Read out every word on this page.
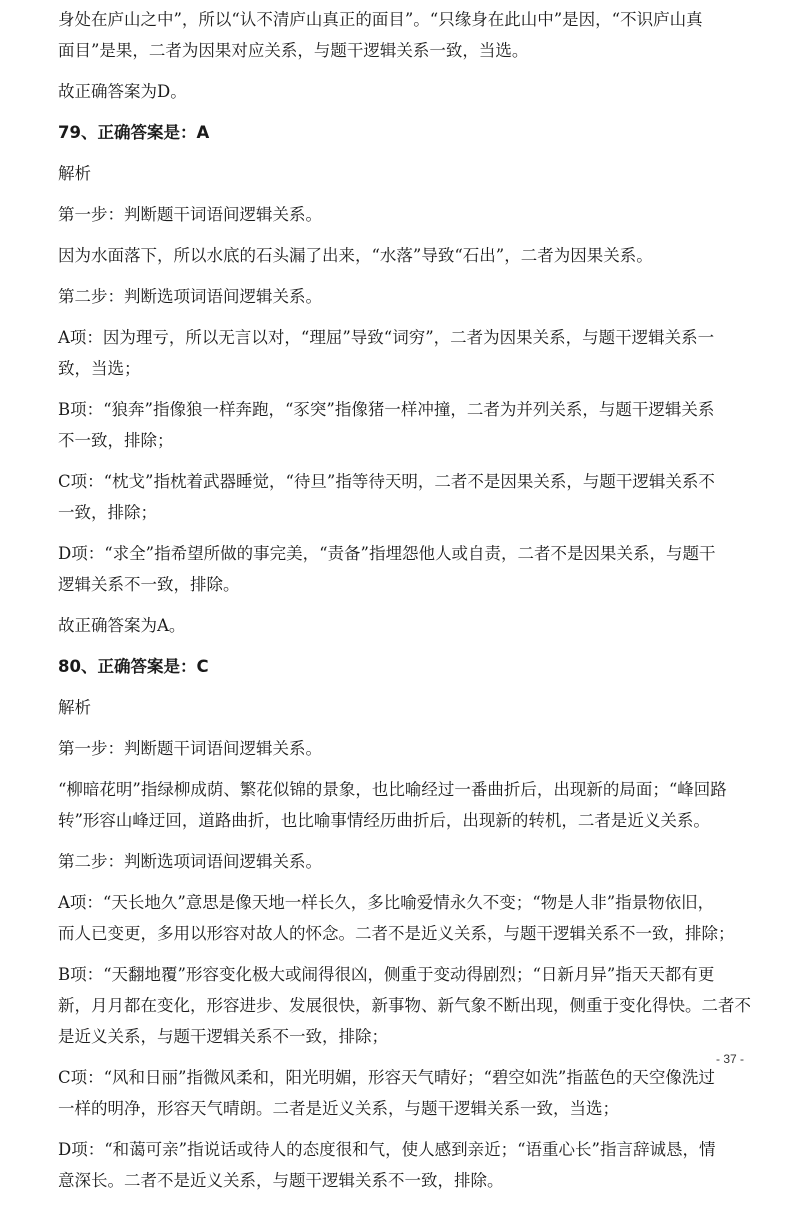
身处在庐山之中”，所以“认不清庐山真正的面目”。“只缘身在此山中”是因，“不识庐山真
面目”是果，二者为因果对应关系，与题干逻辑关系一致，当选。
故正确答案为D。
79、正确答案是：A
解析
第一步：判断题干词语间逻辑关系。
因为水面落下，所以水底的石头漏了出来，“水落”导致“石出”，二者为因果关系。
第二步：判断选项词语间逻辑关系。
A项：因为理亏，所以无言以对，“理屈”导致“词穷”，二者为因果关系，与题干逻辑关系一
致，当选；
B项：“狼奔”指像狼一样奔跑，“豕突”指像猪一样冲撞，二者为并列关系，与题干逻辑关系
不一致，排除；
C项：“枕戈”指枕着武器睡觉，“待旦”指等待天明，二者不是因果关系，与题干逻辑关系不
一致，排除；
D项：“求全”指希望所做的事完美，“责备”指埋怨他人或自责，二者不是因果关系，与题干
逻辑关系不一致，排除。
故正确答案为A。
80、正确答案是：C
解析
第一步：判断题干词语间逻辑关系。
“柳暗花明”指绿柳成荫、繁花似锦的景象，也比喻经过一番曲折后，出现新的局面；“峰回路
转”形容山峰迂回，道路曲折，也比喻事情经历曲折后，出现新的转机，二者是近义关系。
第二步：判断选项词语间逻辑关系。
A项：“天长地久”意思是像天地一样长久，多比喻爱情永久不变；“物是人非”指景物依旧，
而人已变更，多用以形容对故人的怀念。二者不是近义关系，与题干逻辑关系不一致，排除；
B项：“天翻地覆”形容变化极大或闹得很凶，侧重于变动得剧烈；“日新月异”指天天都有更
新，月月都在变化，形容进步、发展很快，新事物、新气象不断出现，侧重于变化得快。二者不
是近义关系，与题干逻辑关系不一致，排除；
C项：“风和日丽”指微风柔和，阳光明媚，形容天气晴好；“碧空如洗”指蓝色的天空像洗过
一样的明净，形容天气晴朗。二者是近义关系，与题干逻辑关系一致，当选；
D项：“和蔼可亲”指说话或待人的态度很和气，使人感到亲近；“语重心长”指言辞诚恳，情
意深长。二者不是近义关系，与题干逻辑关系不一致，排除。
- 37 -
